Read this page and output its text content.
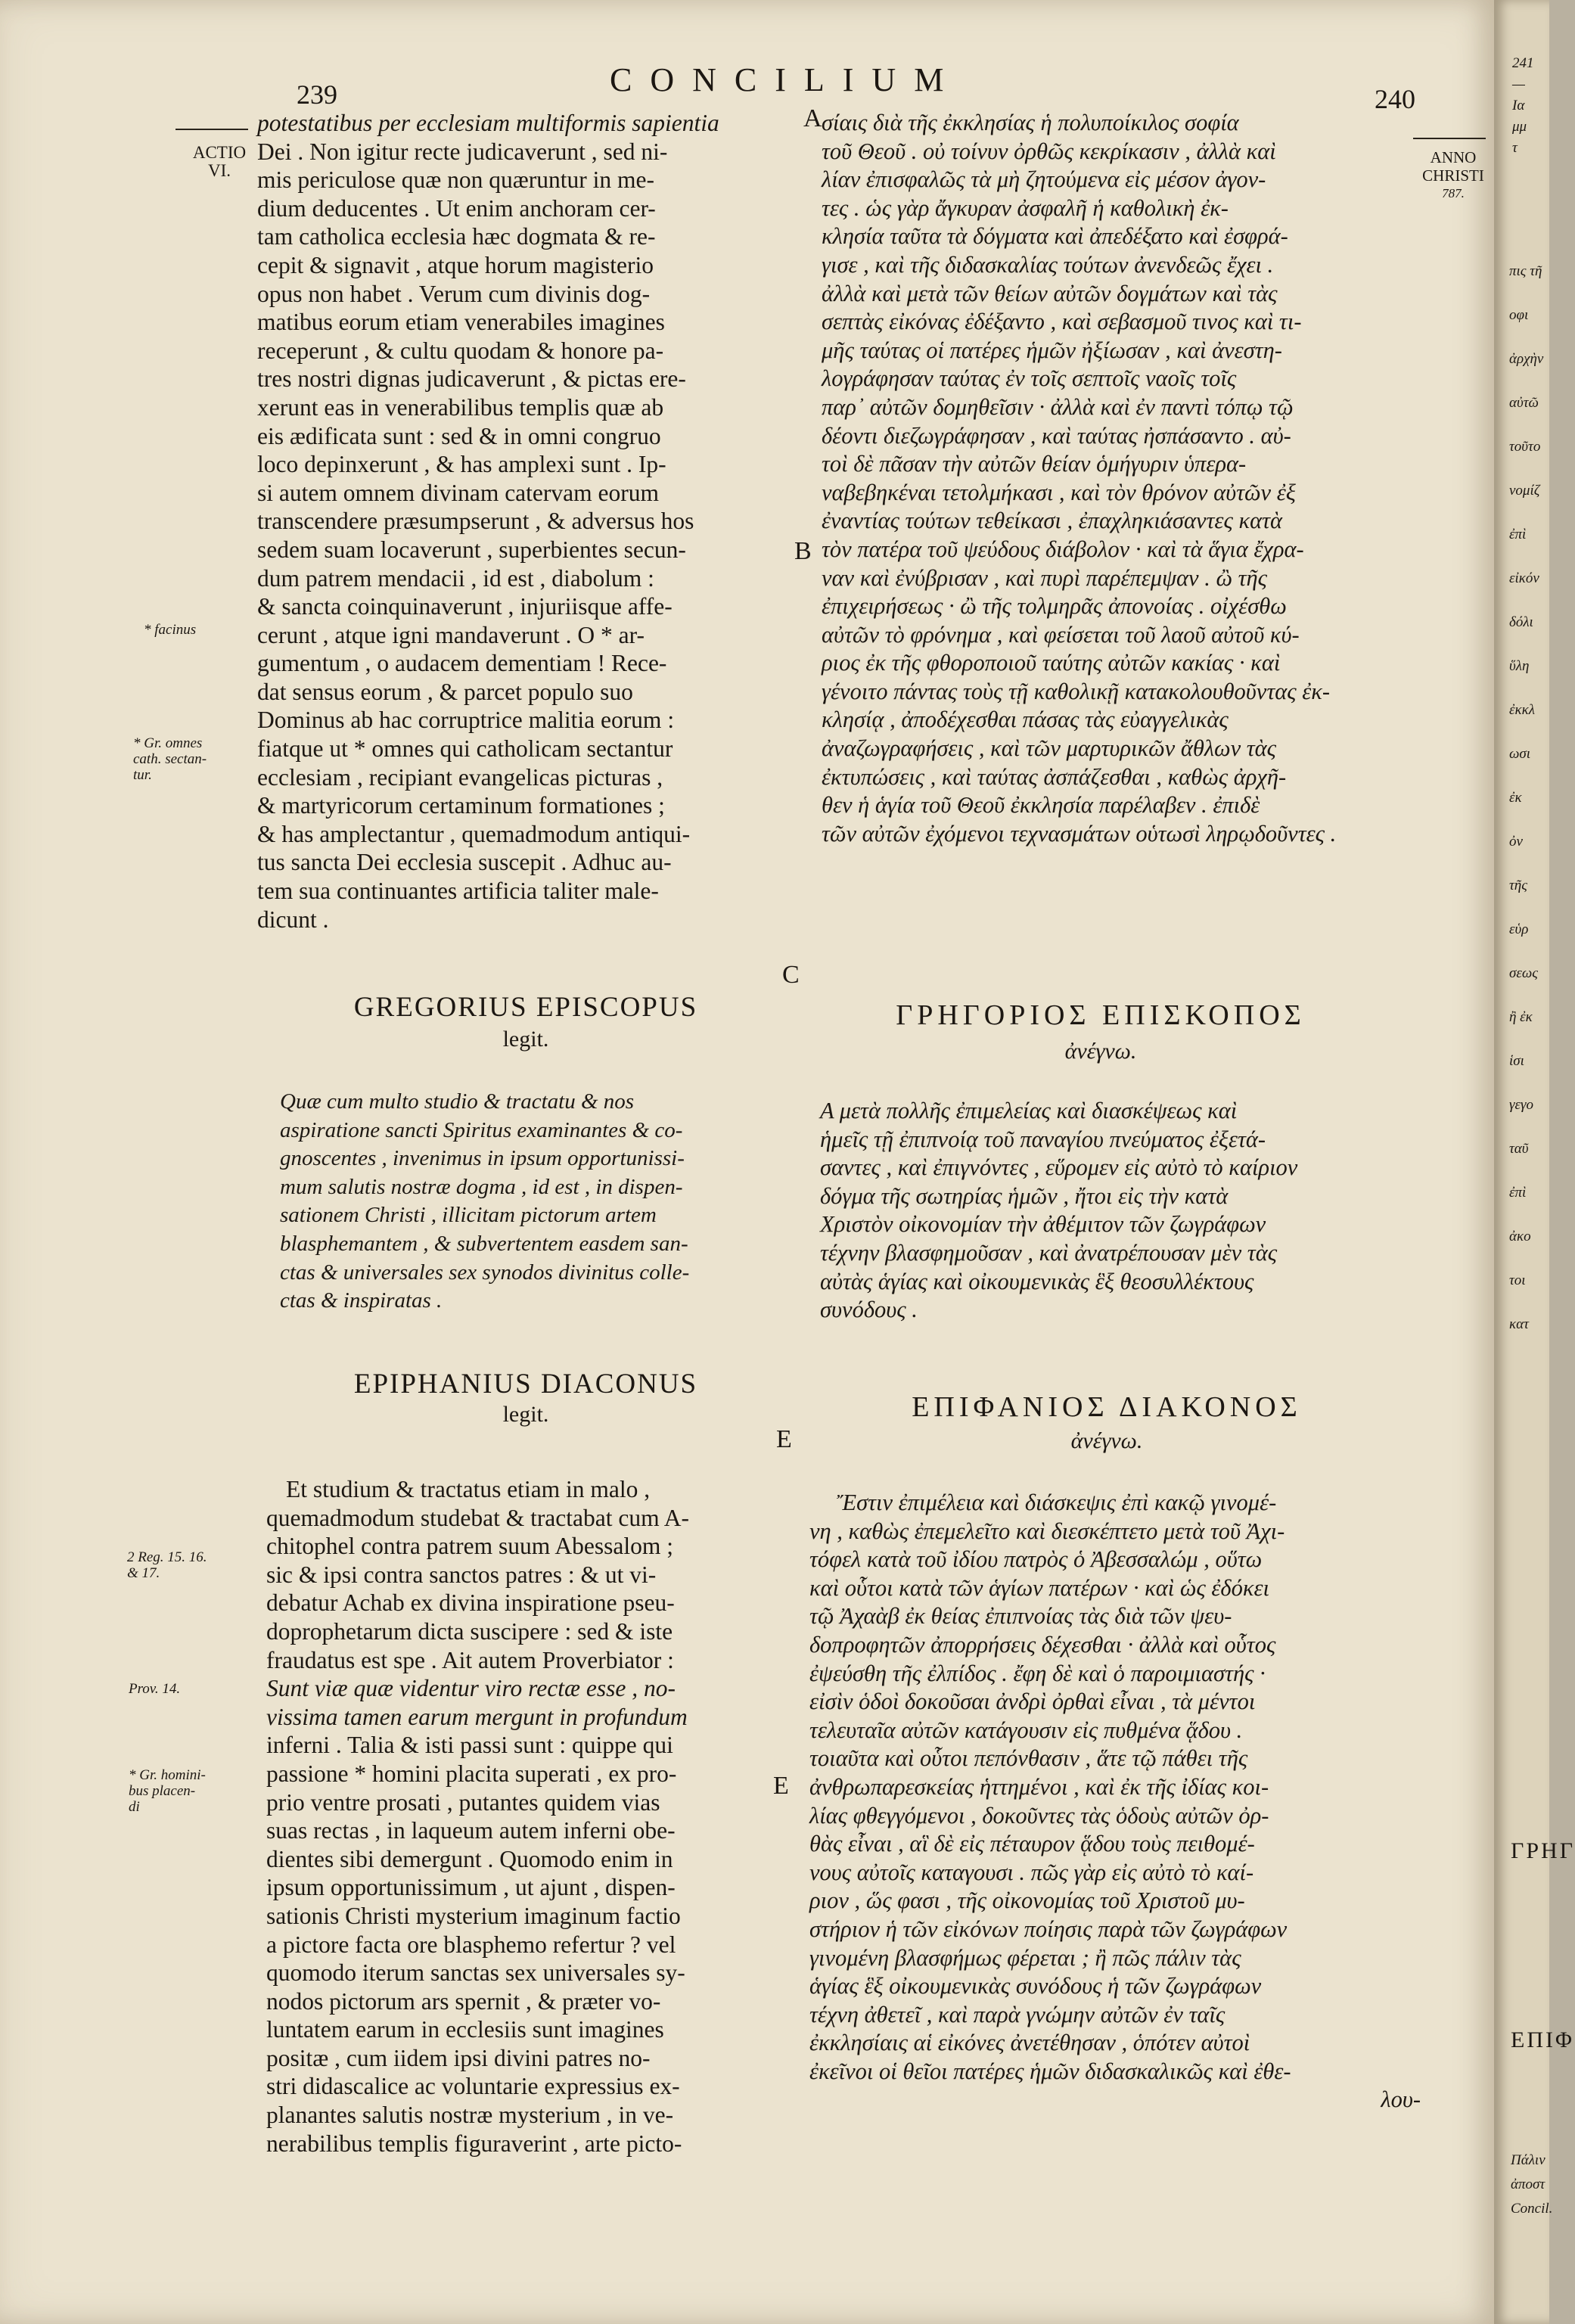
239	CONCILIUM
240
ACTIO
VI.
* facinus
* Gr. omnes
cath. sectan-
tur.
2 Reg. 15. 16.
& 17.
Prov. 14.
* Gr. homini-
bus placen-
di
ANNO
CHRISTI
787.
A
B
C
E
E
potestatibus per ecclesiam multiformis sapientia
Dei . Non igitur recte judicaverunt , sed ni-
mis periculose quæ non quæruntur in me-
dium deducentes . Ut enim anchoram cer-
tam catholica ecclesia hæc dogmata & re-
cepit & signavit , atque horum magisterio
opus non habet . Verum cum divinis dog-
matibus eorum etiam venerabiles imagines
receperunt , & cultu quodam & honore pa-
tres nostri dignas judicaverunt , & pictas ere-
xerunt eas in venerabilibus templis quæ ab
eis ædificata sunt : sed & in omni congruo
loco depinxerunt , & has amplexi sunt . Ip-
si autem omnem divinam catervam eorum
transcendere præsumpserunt , & adversus hos
sedem suam locaverunt , superbientes secun-
dum patrem mendacii , id est , diabolum :
& sancta coinquinaverunt , injuriisque affe-
cerunt , atque igni mandaverunt . O * ar-
gumentum , o audacem dementiam ! Rece-
dat sensus eorum , & parcet populo suo
Dominus ab hac corruptrice malitia eorum :
fiatque ut * omnes qui catholicam sectantur
ecclesiam , recipiant evangelicas picturas ,
& martyricorum certaminum formationes ;
& has amplectantur , quemadmodum antiqui-
tus sancta Dei ecclesia suscepit . Adhuc au-
tem sua continuantes artificia taliter male-
dicunt .
σίαις διὰ τῆς ἐκκλησίας ἡ πολυποίκιλος σοφία
τοῦ Θεοῦ . οὐ τοίνυν ὀρθῶς κεκρίκασιν , ἀλλὰ καὶ
λίαν ἐπισφαλῶς τὰ μὴ ζητούμενα εἰς μέσον ἀγον-
τες . ὡς γὰρ ἄγκυραν ἀσφαλῆ ἡ καθολικὴ ἐκ-
κλησία ταῦτα τὰ δόγματα καὶ ἀπεδέξατο καὶ ἐσφρά-
γισε , καὶ τῆς διδασκαλίας τούτων ἀνενδεῶς ἔχει .
ἀλλὰ καὶ μετὰ τῶν θείων αὐτῶν δογμάτων καὶ τὰς
σεπτὰς εἰκόνας ἐδέξαντο , καὶ σεβασμοῦ τινος καὶ τι-
μῆς ταύτας οἱ πατέρες ἡμῶν ἠξίωσαν , καὶ ἀνεστη-
λογράφησαν ταύτας ἐν τοῖς σεπτοῖς ναοῖς τοῖς
παρ᾽ αὐτῶν δομηθεῖσιν · ἀλλὰ καὶ ἐν παντὶ τόπῳ τῷ
δέοντι διεζωγράφησαν , καὶ ταύτας ἠσπάσαντο . αὐ-
τοὶ δὲ πᾶσαν τὴν αὐτῶν θείαν ὁμήγυριν ὑπερα-
ναβεβηκέναι τετολμήκασι , καὶ τὸν θρόνον αὐτῶν ἐξ
ἐναντίας τούτων τεθείκασι , ἐπαχληκιάσαντες κατὰ
τὸν πατέρα τοῦ ψεύδους διάβολον · καὶ τὰ ἅγια ἔχρα-
ναν καὶ ἐνύβρισαν , καὶ πυρὶ παρέπεμψαν . ὢ τῆς
ἐπιχειρήσεως · ὢ τῆς τολμηρᾶς ἀπονοίας . οἰχέσθω
αὐτῶν τὸ φρόνημα , καὶ φείσεται τοῦ λαοῦ αὐτοῦ κύ-
ριος ἐκ τῆς φθοροποιοῦ ταύτης αὐτῶν κακίας · καὶ
γένοιτο πάντας τοὺς τῇ καθολικῇ κατακολουθοῦντας ἐκ-
κλησίᾳ , ἀποδέχεσθαι πάσας τὰς εὐαγγελικὰς
ἀναζωγραφήσεις , καὶ τῶν μαρτυρικῶν ἄθλων τὰς
ἐκτυπώσεις , καὶ ταύτας ἀσπάζεσθαι , καθὼς ἀρχῆ-
θεν ἡ ἁγία τοῦ Θεοῦ ἐκκλησία παρέλαβεν . ἐπιδὲ
τῶν αὐτῶν ἐχόμενοι τεχνασμάτων οὑτωσὶ ληρῳδοῦντες .
GREGORIUS EPISCOPUS
legit.
ΓΡΗΓΟΡΙΟΣ ΕΠΙΣΚΟΠΟΣ
ἀνέγνω.
Quæ cum multo studio & tractatu & nos
aspiratione sancti Spiritus examinantes & co-
gnoscentes , invenimus in ipsum opportunissi-
mum salutis nostræ dogma , id est , in dispen-
sationem Christi , illicitam pictorum artem
blasphemantem , & subvertentem easdem san-
ctas & universales sex synodos divinitus colle-
ctas & inspiratas .
Α μετὰ πολλῆς ἐπιμελείας καὶ διασκέψεως καὶ
ἡμεῖς τῇ ἐπιπνοίᾳ τοῦ παναγίου πνεύματος ἐξετά-
σαντες , καὶ ἐπιγνόντες , εὕρομεν εἰς αὐτὸ τὸ καίριον
δόγμα τῆς σωτηρίας ἡμῶν , ἤτοι εἰς τὴν κατὰ
Χριστὸν οἰκονομίαν τὴν ἀθέμιτον τῶν ζωγράφων
τέχνην βλασφημοῦσαν , καὶ ἀνατρέπουσαν μὲν τὰς
αὐτὰς ἁγίας καὶ οἰκουμενικὰς ἓξ θεοσυλλέκτους
συνόδους .
EPIPHANIUS DIACONUS
legit.	ΕΠΙΦΑΝΙΟΣ ΔΙΑΚΟΝΟΣ
ἀνέγνω.
Et studium & tractatus etiam in malo ,
quemadmodum studebat & tractabat cum A-
chitophel contra patrem suum Abessalom ;
sic & ipsi contra sanctos patres : & ut vi-
debatur Achab ex divina inspiratione pseu-
doprophetarum dicta suscipere : sed & iste
fraudatus est spe . Ait autem Proverbiator :
Sunt viæ quæ videntur viro rectæ esse , no-
vissima tamen earum mergunt in profundum
inferni . Talia & isti passi sunt : quippe qui
passione * homini placita superati , ex pro-
prio ventre prosati , putantes quidem vias
suas rectas , in laqueum autem inferni obe-
dientes sibi demergunt . Quomodo enim in
ipsum opportunissimum , ut ajunt , dispen-
sationis Christi mysterium imaginum factio
a pictore facta ore blasphemo refertur ? vel
quomodo iterum sanctas sex universales sy-
nodos pictorum ars spernit , & præter vo-
luntatem earum in ecclesiis sunt imagines
positæ , cum iidem ipsi divini patres no-
stri didascalice ac voluntarie expressius ex-
planantes salutis nostræ mysterium , in ve-
nerabilibus templis figuraverint , arte picto-
Ἔστιν ἐπιμέλεια καὶ διάσκεψις ἐπὶ κακῷ γινομέ-
νη , καθὼς ἐπεμελεῖτο καὶ διεσκέπτετο μετὰ τοῦ Ἀχι-
τόφελ κατὰ τοῦ ἰδίου πατρὸς ὁ Ἀβεσσαλώμ , οὕτω
καὶ οὗτοι κατὰ τῶν ἁγίων πατέρων · καὶ ὡς ἐδόκει
τῷ Ἀχαὰβ ἐκ θείας ἐπιπνοίας τὰς διὰ τῶν ψευ-
δοπροφητῶν ἀπορρήσεις δέχεσθαι · ἀλλὰ καὶ οὗτος
ἐψεύσθη τῆς ἐλπίδος . ἔφη δὲ καὶ ὁ παροιμιαστής ·
εἰσὶν ὁδοὶ δοκοῦσαι ἀνδρὶ ὀρθαὶ εἶναι , τὰ μέντοι
τελευταῖα αὐτῶν κατάγουσιν εἰς πυθμένα ᾅδου .
τοιαῦτα καὶ οὗτοι πεπόνθασιν , ἅτε τῷ πάθει τῆς
ἀνθρωπαρεσκείας ἡττημένοι , καὶ ἐκ τῆς ἰδίας κοι-
λίας φθεγγόμενοι , δοκοῦντες τὰς ὁδοὺς αὐτῶν ὀρ-
θὰς εἶναι , αἳ δὲ εἰς πέταυρον ᾅδου τοὺς πειθομέ-
νους αὐτοῖς καταγουσι . πῶς γὰρ εἰς αὐτὸ τὸ καί-
ριον , ὥς φασι , τῆς οἰκονομίας τοῦ Χριστοῦ μυ-
στήριον ἡ τῶν εἰκόνων ποίησις παρὰ τῶν ζωγράφων
γινομένη βλασφήμως φέρεται ; ἢ πῶς πάλιν τὰς
ἁγίας ἓξ οἰκουμενικὰς συνόδους ἡ τῶν ζωγράφων
τέχνη ἀθετεῖ , καὶ παρὰ γνώμην αὐτῶν ἐν ταῖς
ἐκκλησίαις αἱ εἰκόνες ἀνετέθησαν , ὁπότεν αὐτοὶ
ἐκεῖνοι οἱ θεῖοι πατέρες ἡμῶν διδασκαλικῶς καὶ ἐθε-
λου-
241
—
Ια
μμ
τ
πις τῆ
οφι
ἀρχὴν
αὐτῶ
τοῦτο
νομίζ
ἐπὶ
εἰκόν
δόλι
ὕλη
ἐκκλ
ωσι
ἐκ
ὀν
τῆς
εὑρ
σεως
ἢ ἐκ
ἱσι
γεγο
ταῦ
ἐπὶ
ἀκο
τοι
κατ
ΓΡΗΓ
ΕΠΙΦ
Πάλιν
ἀποστ
Concil.
